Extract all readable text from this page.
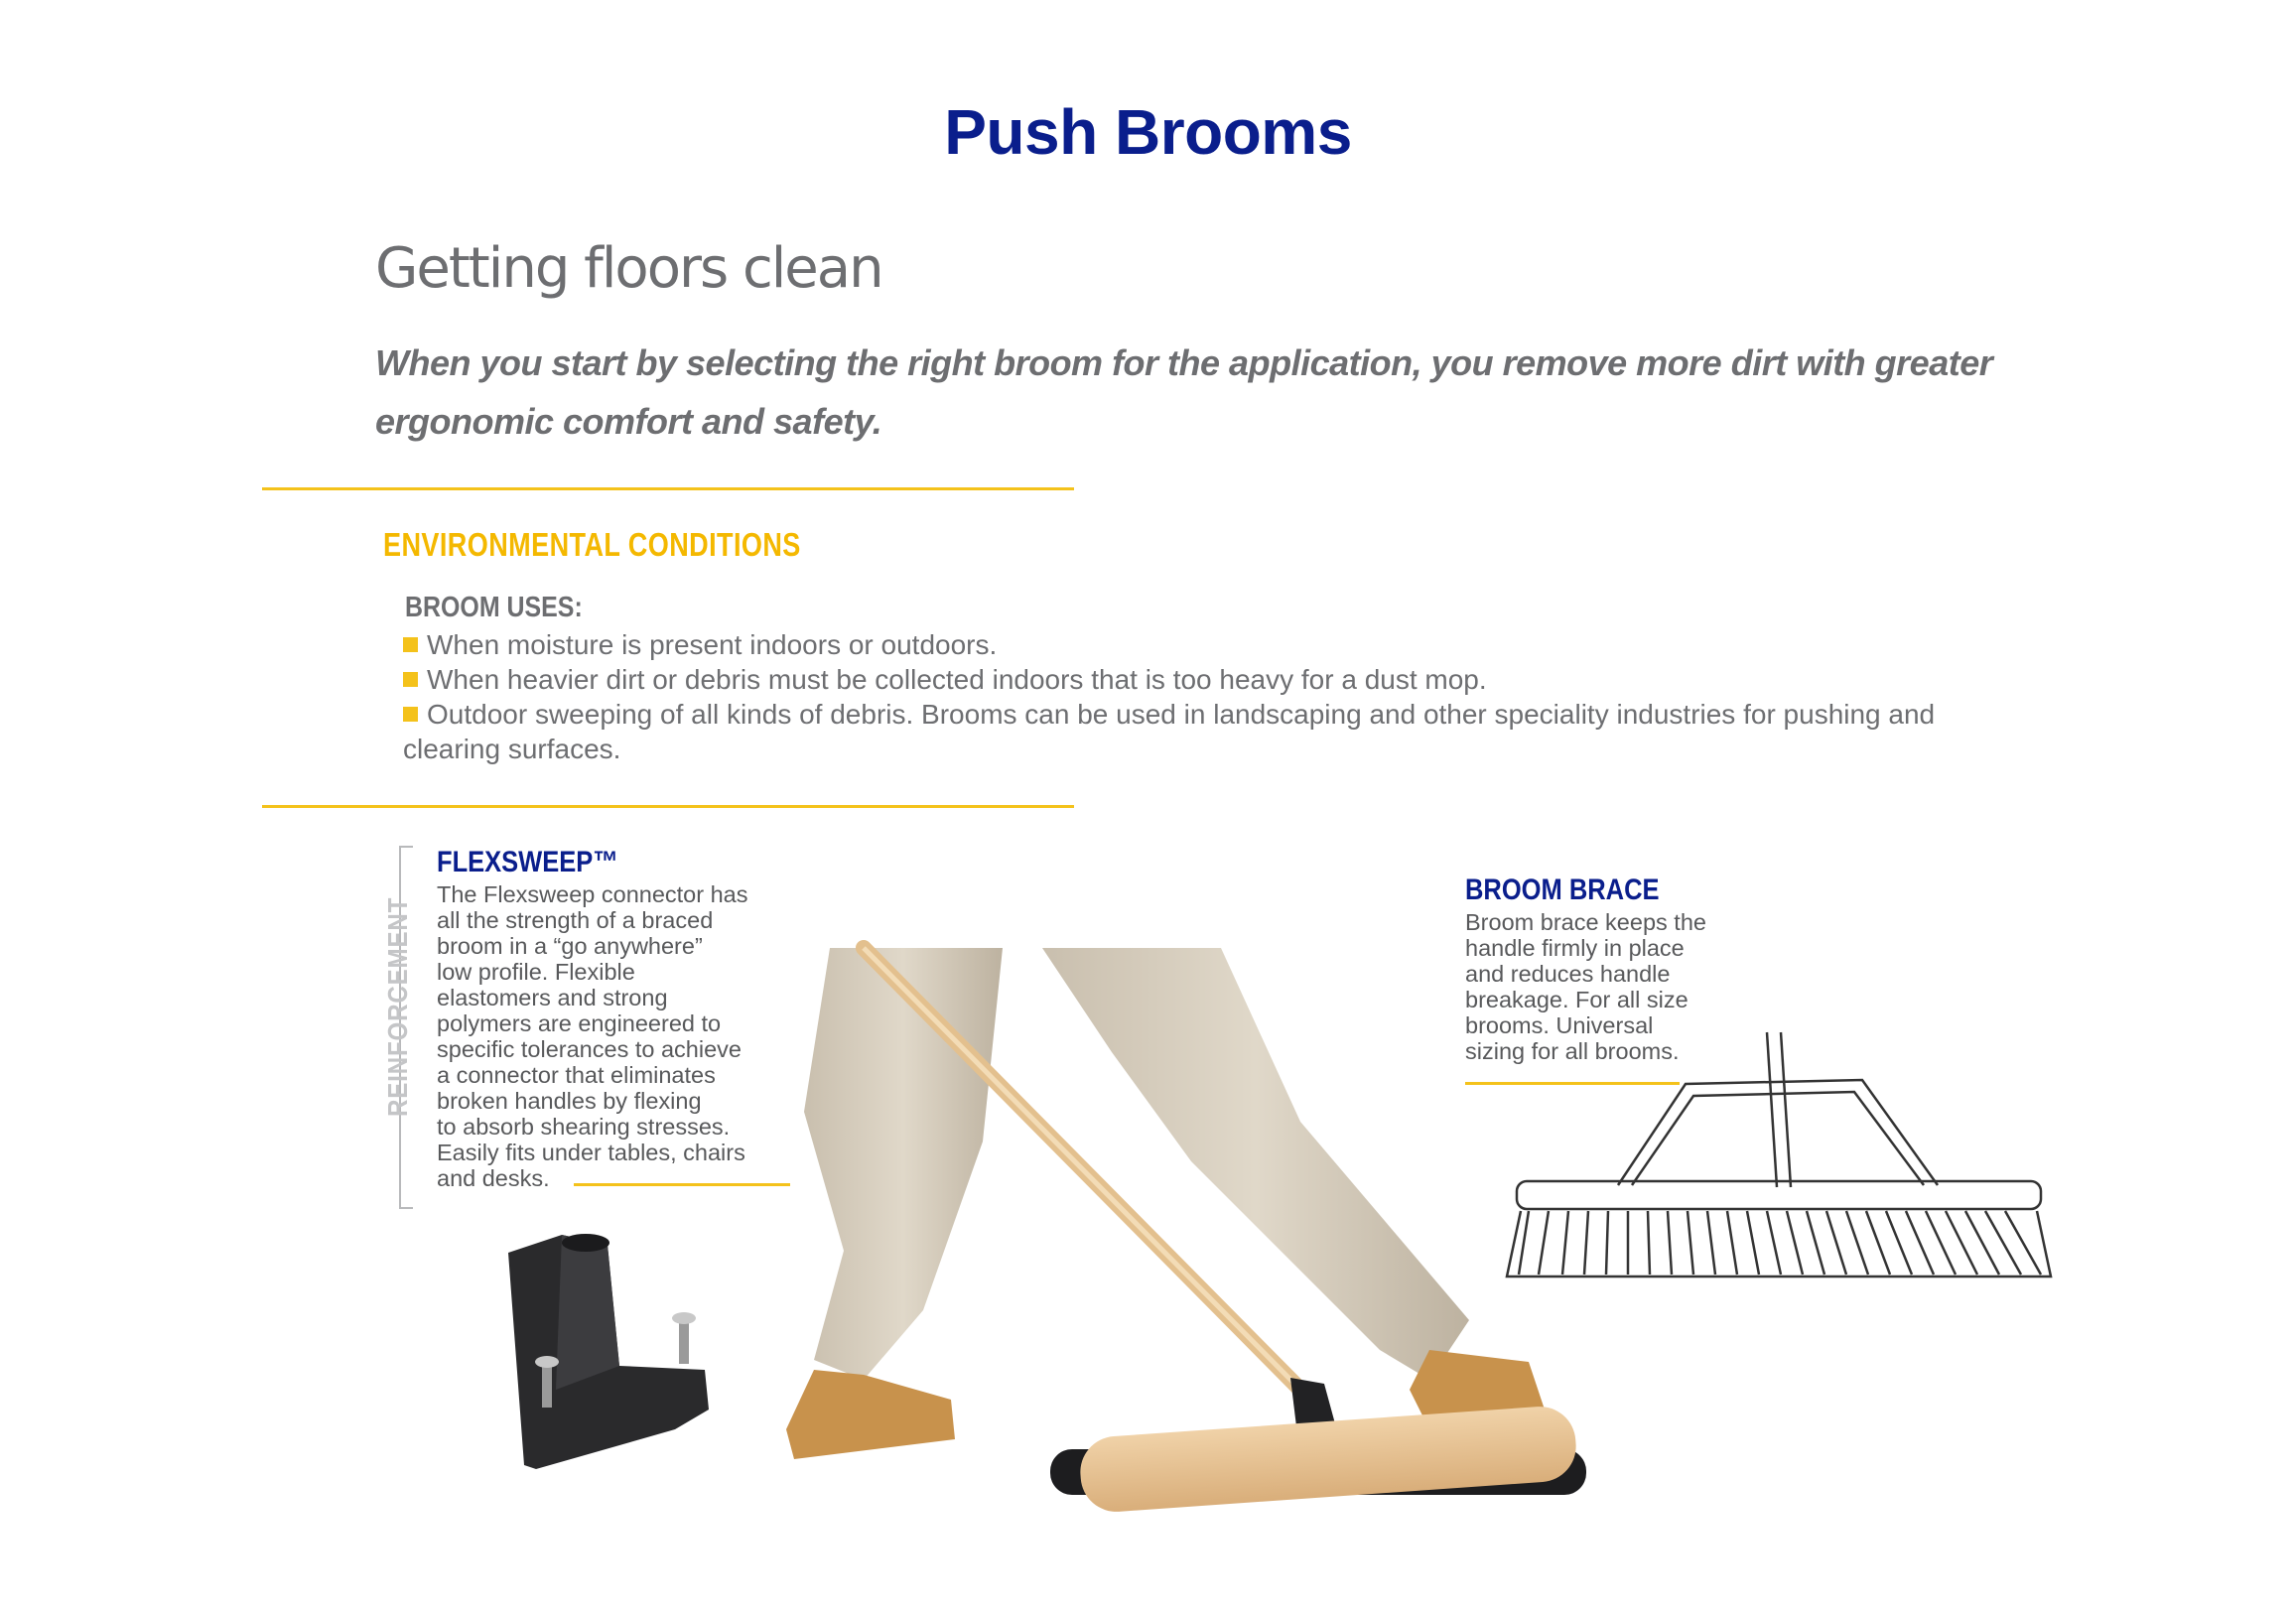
Push Brooms
Getting floors clean
When you start by selecting the right broom for the application, you remove more dirt with greater ergonomic comfort and safety.
ENVIRONMENTAL CONDITIONS
BROOM USES:
When moisture is present indoors or outdoors.
When heavier dirt or debris must be collected indoors that is too heavy for a dust mop.
Outdoor sweeping of all kinds of debris. Brooms can be used in landscaping and other speciality industries for pushing and clearing surfaces.
REINFORCEMENT
FLEXSWEEP™
The Flexsweep connector has
all the strength of a braced
broom in a “go anywhere”
low profile. Flexible
elastomers and strong
polymers are engineered to
specific tolerances to achieve
a connector that eliminates
broken handles by flexing
to absorb shearing stresses.
Easily fits under tables, chairs
and desks.
BROOM BRACE
Broom brace keeps the
handle firmly in place
and reduces handle
breakage. For all size
brooms. Universal
sizing for all brooms.
